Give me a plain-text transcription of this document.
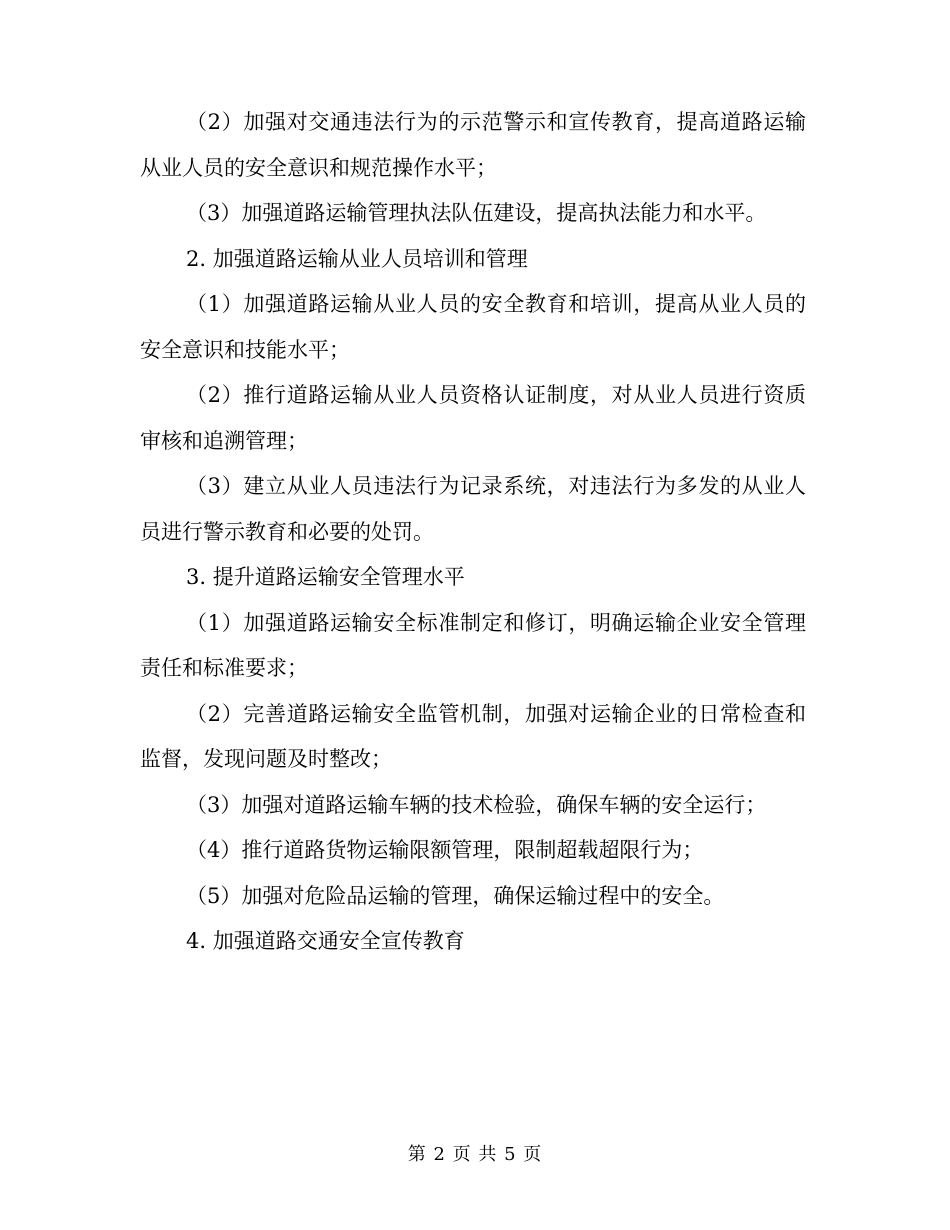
（2）加强对交通违法行为的示范警示和宣传教育，提高道路运输从业人员的安全意识和规范操作水平；

（3）加强道路运输管理执法队伍建设，提高执法能力和水平。

2. 加强道路运输从业人员培训和管理

（1）加强道路运输从业人员的安全教育和培训，提高从业人员的安全意识和技能水平；

（2）推行道路运输从业人员资格认证制度，对从业人员进行资质审核和追溯管理；

（3）建立从业人员违法行为记录系统，对违法行为多发的从业人员进行警示教育和必要的处罚。

3. 提升道路运输安全管理水平

（1）加强道路运输安全标准制定和修订，明确运输企业安全管理责任和标准要求；

（2）完善道路运输安全监管机制，加强对运输企业的日常检查和监督，发现问题及时整改；

（3）加强对道路运输车辆的技术检验，确保车辆的安全运行；

（4）推行道路货物运输限额管理，限制超载超限行为；

（5）加强对危险品运输的管理，确保运输过程中的安全。

4. 加强道路交通安全宣传教育

第 2 页 共 5 页
